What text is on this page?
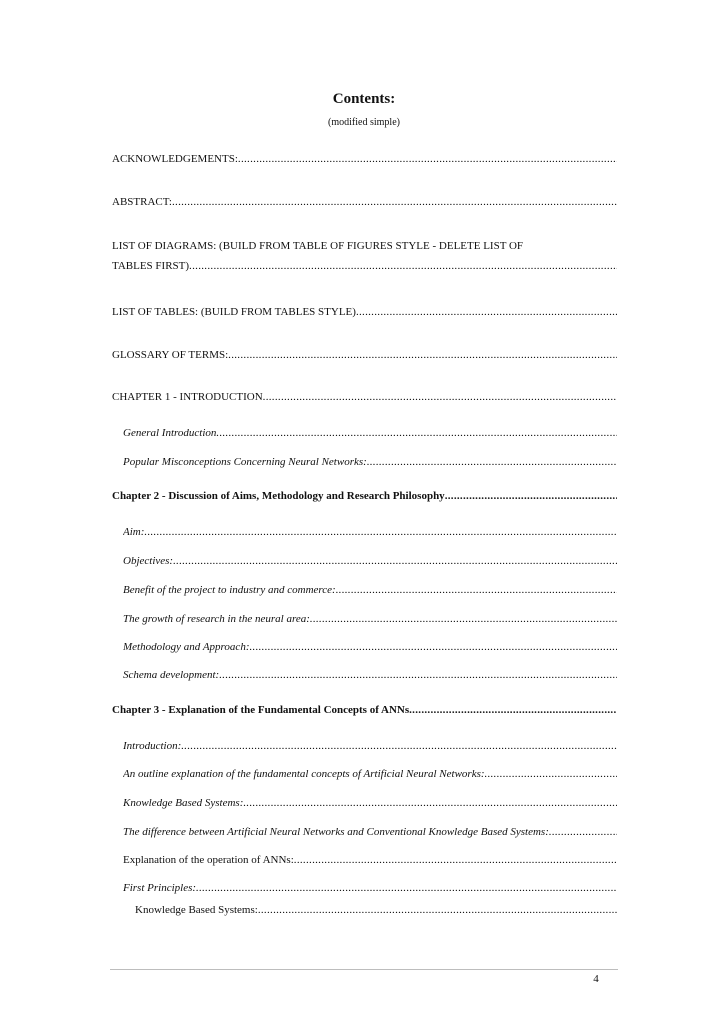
Contents:
(modified simple)
ACKNOWLEDGEMENTS:
.....
ABSTRACT:
.....
LIST OF DIAGRAMS: (BUILD FROM TABLE OF FIGURES STYLE - DELETE LIST OF
TABLES FIRST)
.....
LIST OF TABLES: (BUILD FROM TABLES STYLE)
.....
GLOSSARY OF TERMS:
.....
CHAPTER 1 - INTRODUCTION
.....
General Introduction
.....
Popular Misconceptions Concerning Neural Networks:
.....
Chapter 2 - Discussion of Aims, Methodology and Research Philosophy
.....
Aim:
.....
Objectives:
.....
Benefit of the project to industry and commerce:
.....
The growth of research in the neural area:
.....
Methodology and Approach:
.....
Schema development:
.....
Chapter 3 - Explanation of the Fundamental Concepts of ANNs
.....
Introduction:
.....
An outline explanation of the fundamental concepts of Artificial Neural Networks:
.....
Knowledge Based Systems:
.....
The difference between Artificial Neural Networks and Conventional Knowledge Based Systems:
.....
Explanation of the operation of ANNs:
.....
First Principles:
.....
Knowledge Based Systems:
.....
4
